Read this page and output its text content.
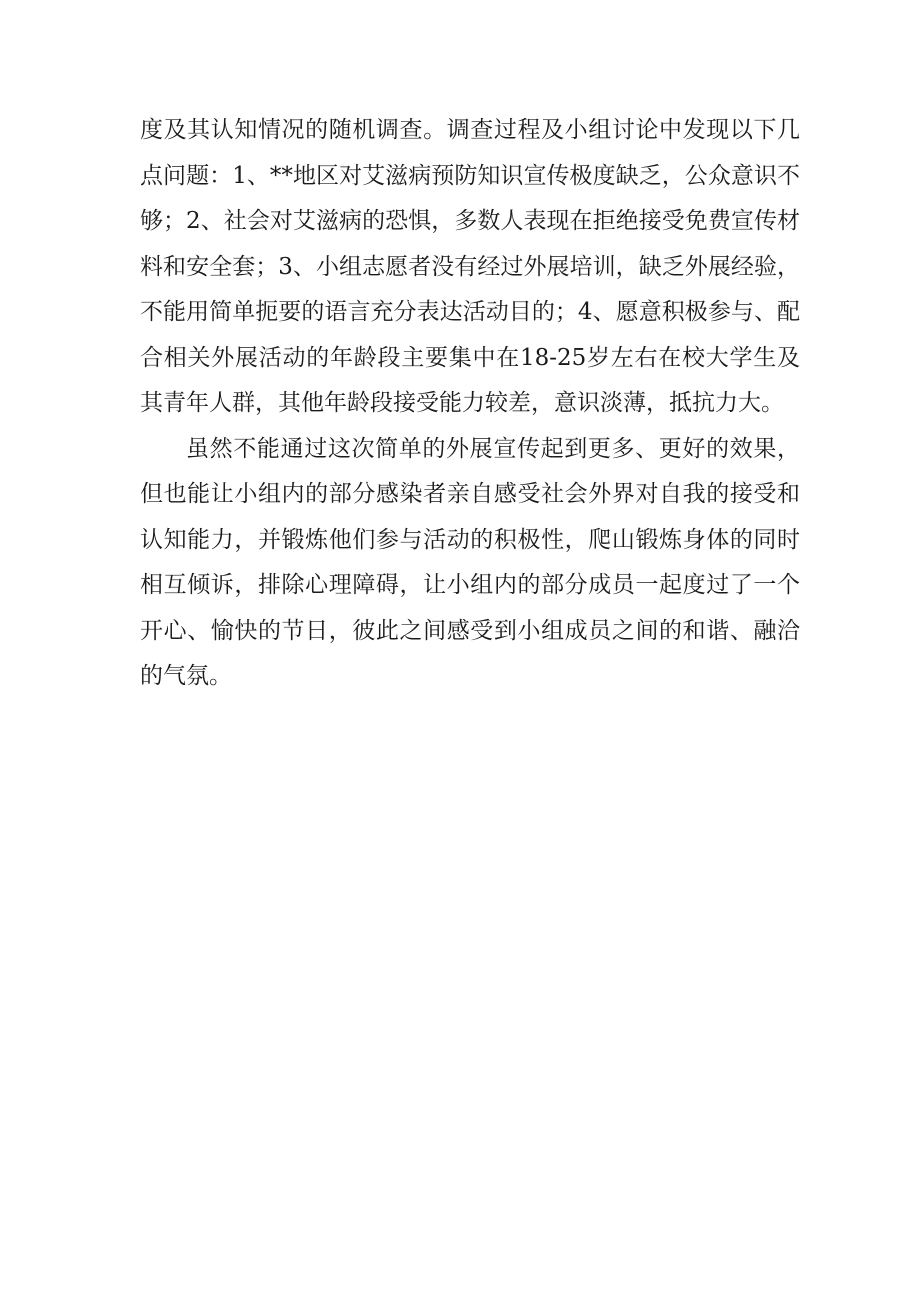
度及其认知情况的随机调查。调查过程及小组讨论中发现以下几
点问题：1、**地区对艾滋病预防知识宣传极度缺乏，公众意识不
够；2、社会对艾滋病的恐惧，多数人表现在拒绝接受免费宣传材
料和安全套；3、小组志愿者没有经过外展培训，缺乏外展经验，
不能用简单扼要的语言充分表达活动目的；4、愿意积极参与、配
合相关外展活动的年龄段主要集中在18-25岁左右在校大学生及
其青年人群，其他年龄段接受能力较差，意识淡薄，抵抗力大。
虽然不能通过这次简单的外展宣传起到更多、更好的效果，
但也能让小组内的部分感染者亲自感受社会外界对自我的接受和
认知能力，并锻炼他们参与活动的积极性，爬山锻炼身体的同时
相互倾诉，排除心理障碍，让小组内的部分成员一起度过了一个
开心、愉快的节日，彼此之间感受到小组成员之间的和谐、融洽
的气氛。
